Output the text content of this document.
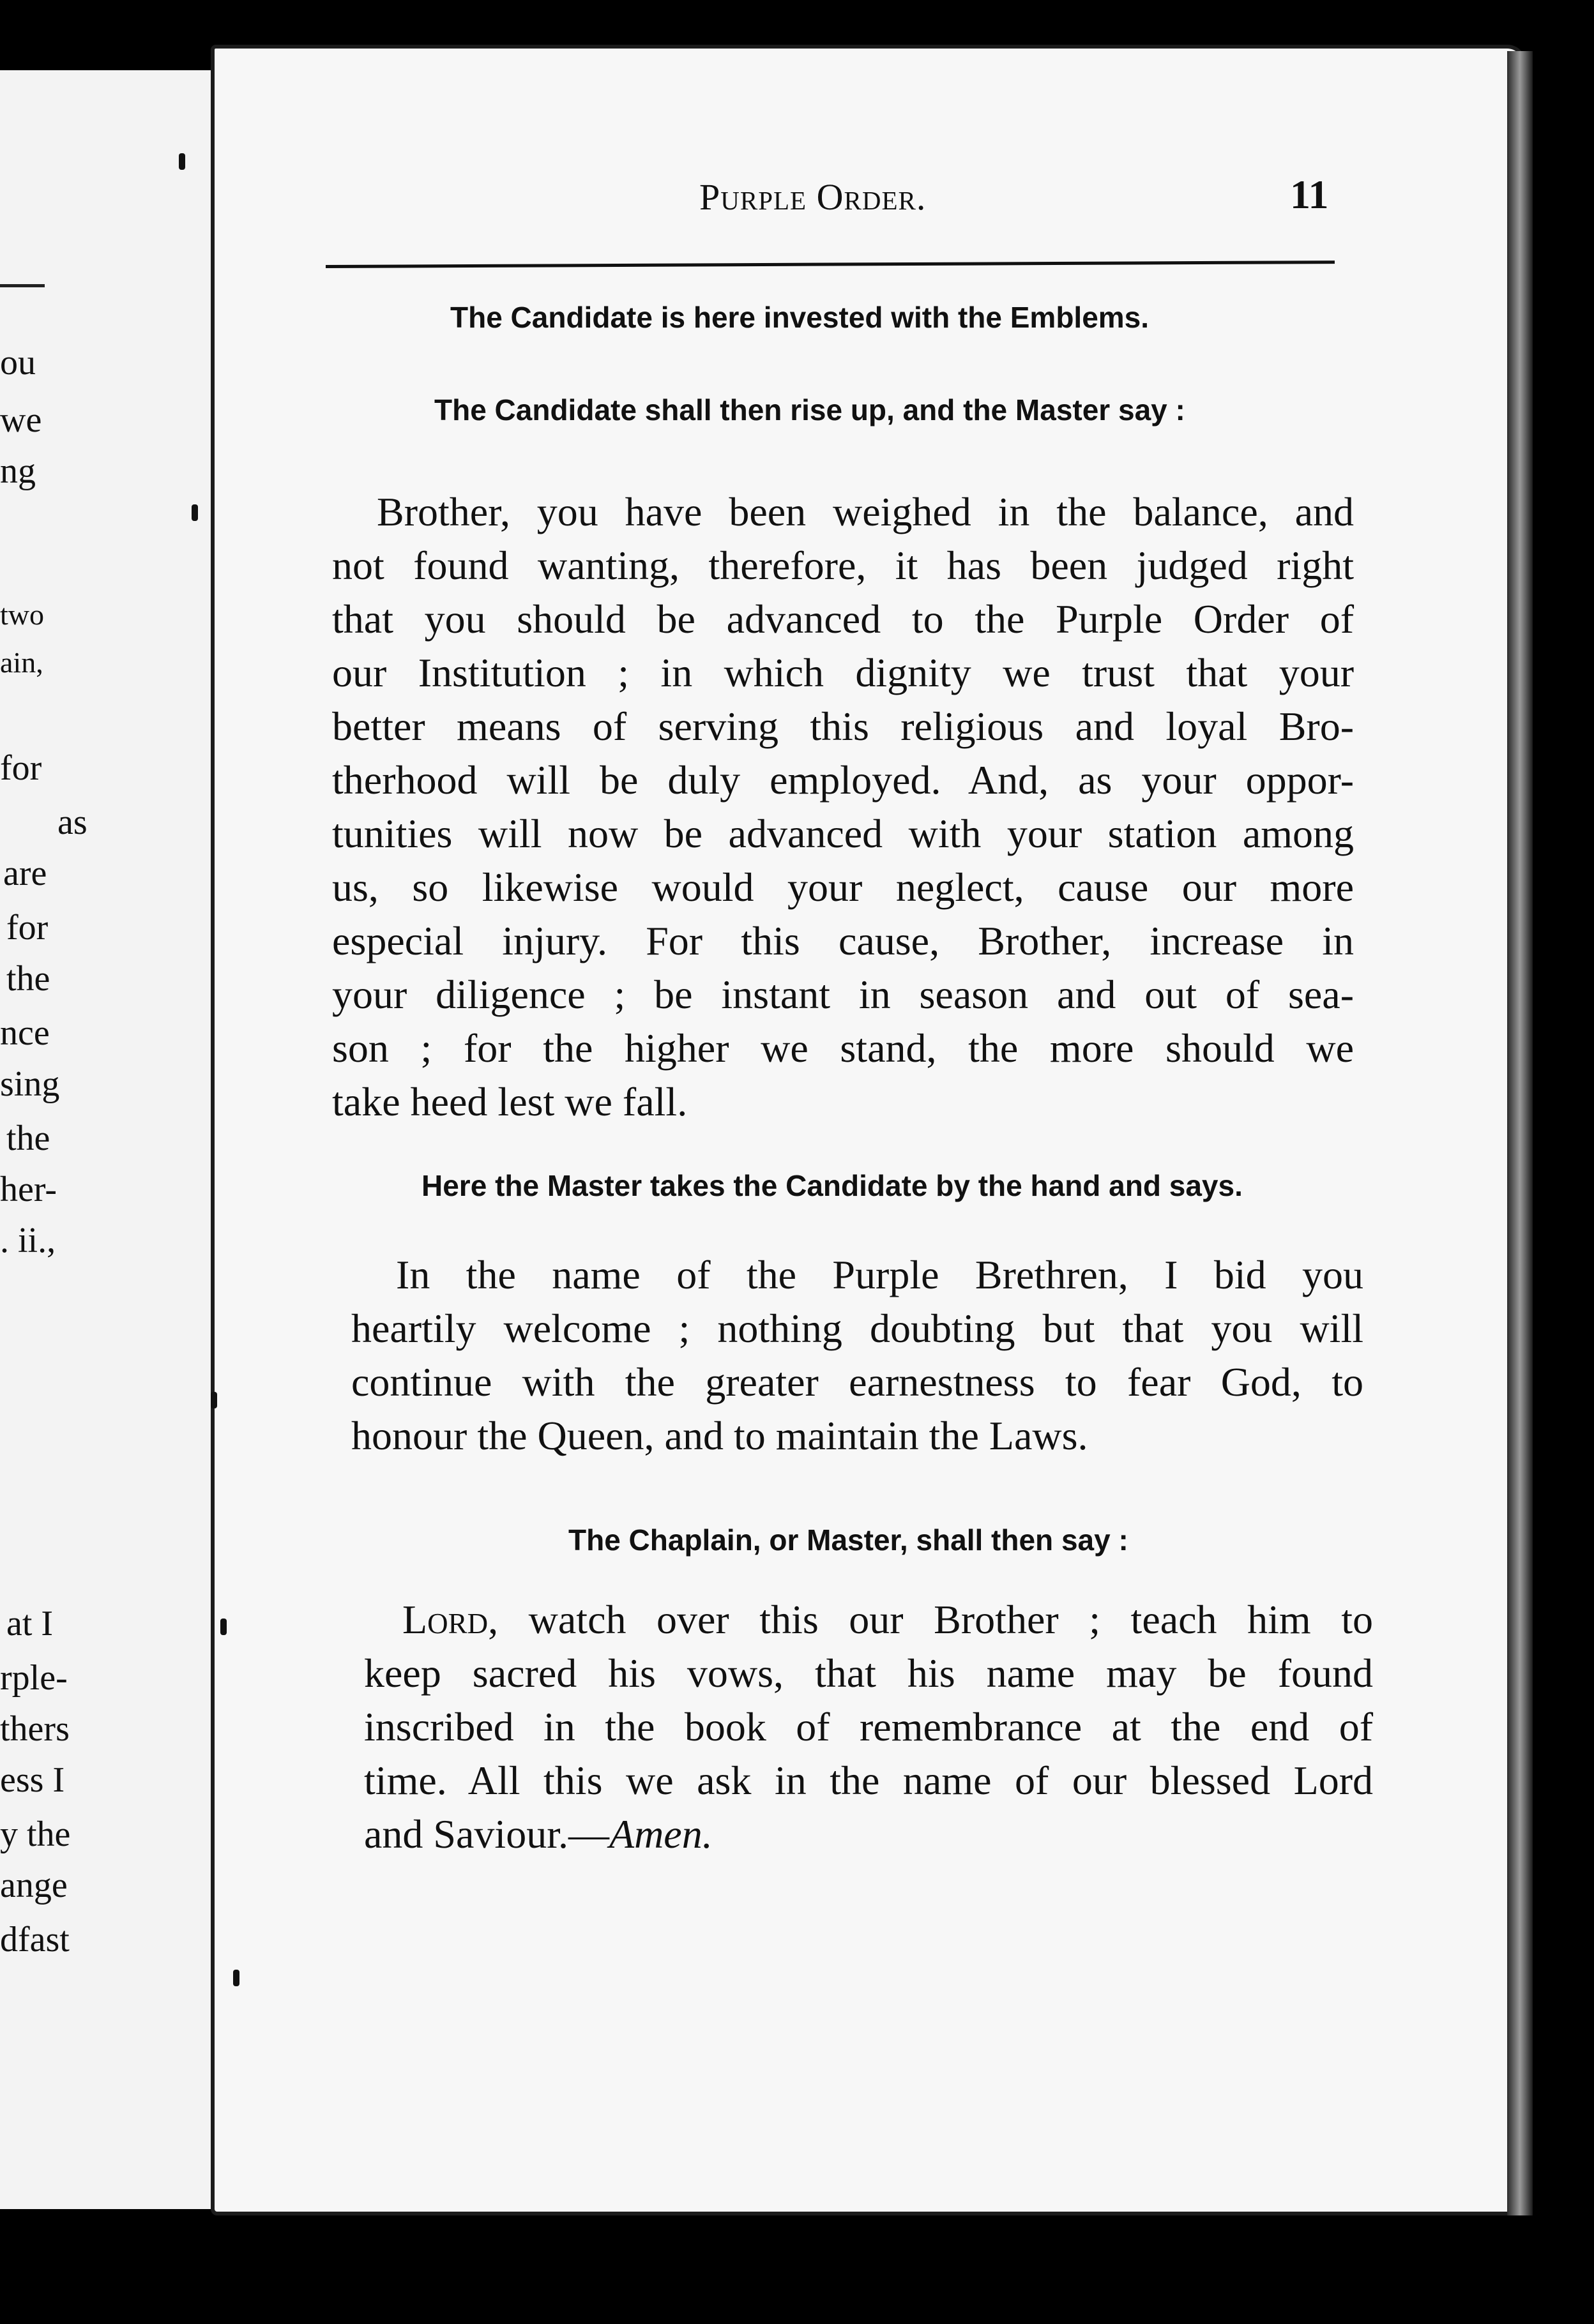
ou
we
ng
two
ain,
for
as
are
for
the
nce
sing
the
her-
. ii.,
at I
rple-
thers
ess I
y the
ange
dfast
Purple Order.	11
The Candidate is here invested with the Emblems.
The Candidate shall then rise up, and the Master say :
Brother, you have been weighed in the balance, and
not found wanting, therefore, it has been judged right
that you should be advanced to the Purple Order of
our Institution ; in which dignity we trust that your
better means of serving this religious and loyal Bro-
therhood will be duly employed. And, as your oppor-
tunities will now be advanced with your station among
us, so likewise would your neglect, cause our more
especial injury. For this cause, Brother, increase in
your diligence ; be instant in season and out of sea-
son ; for the higher we stand, the more should we
take heed lest we fall.
Here the Master takes the Candidate by the hand and says.
In the name of the Purple Brethren, I bid you
heartily welcome ; nothing doubting but that you will
continue with the greater earnestness to fear God, to
honour the Queen, and to maintain the Laws.
The Chaplain, or Master, shall then say :
Lord, watch over this our Brother ; teach him to
keep sacred his vows, that his name may be found
inscribed in the book of remembrance at the end of
time. All this we ask in the name of our blessed Lord
and Saviour.—Amen.
